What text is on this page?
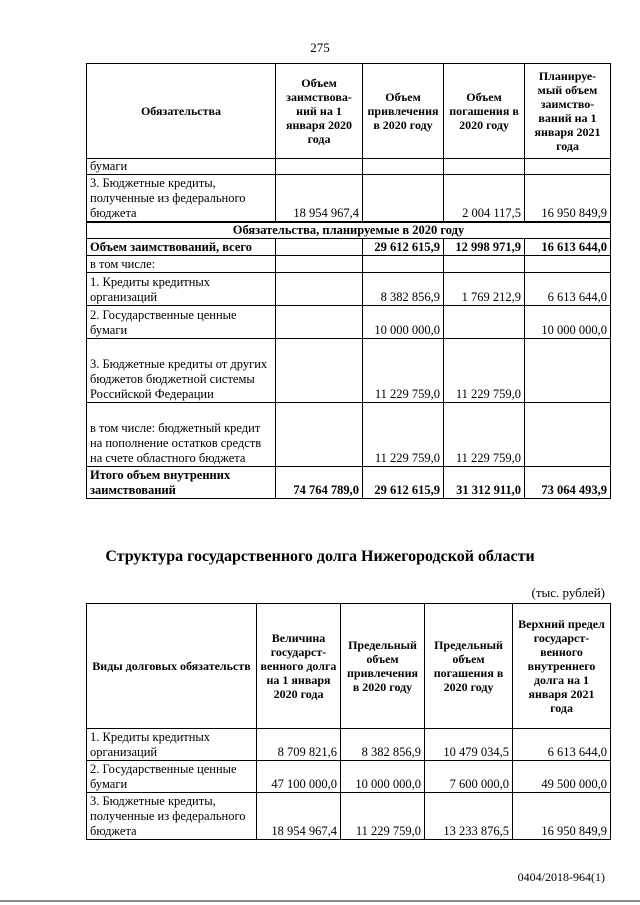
275
Обязательства	Объем заимствова-ний на 1 января 2020 года	Объем привлечения в 2020 году	Объем погашения в 2020 году	Планируе-мый объем заимство-ваний на 1 января 2021 года
бумаги				
3. Бюджетные кредиты, полученные из федерального бюджета	18 954 967,4		2 004 117,5	16 950 849,9
Обязательства, планируемые в 2020 году				
Объем заимствований, всего		29 612 615,9	12 998 971,9	16 613 644,0
в том числе:				
1. Кредиты кредитных организаций		8 382 856,9	1 769 212,9	6 613 644,0
2. Государственные ценные бумаги		10 000 000,0		10 000 000,0
3. Бюджетные кредиты от других бюджетов бюджетной системы Российской Федерации		11 229 759,0	11 229 759,0	
в том числе: бюджетный кредит на пополнение остатков средств на счете областного бюджета		11 229 759,0	11 229 759,0	
Итого объем внутренних заимствований	74 764 789,0	29 612 615,9	31 312 911,0	73 064 493,9
Структура государственного долга Нижегородской области
(тыс. рублей)
Виды долговых обязательств	Величина государст-венного долга на 1 января 2020 года	Предельный объем привлечения в 2020 году	Предельный объем погашения в 2020 году	Верхний предел государст-венного внутреннего долга на 1 января 2021 года
1. Кредиты кредитных организаций	8 709 821,6	8 382 856,9	10 479 034,5	6 613 644,0
2. Государственные ценные бумаги	47 100 000,0	10 000 000,0	7 600 000,0	49 500 000,0
3. Бюджетные кредиты, полученные из федерального бюджета	18 954 967,4	11 229 759,0	13 233 876,5	16 950 849,9
0404/2018-964(1)
